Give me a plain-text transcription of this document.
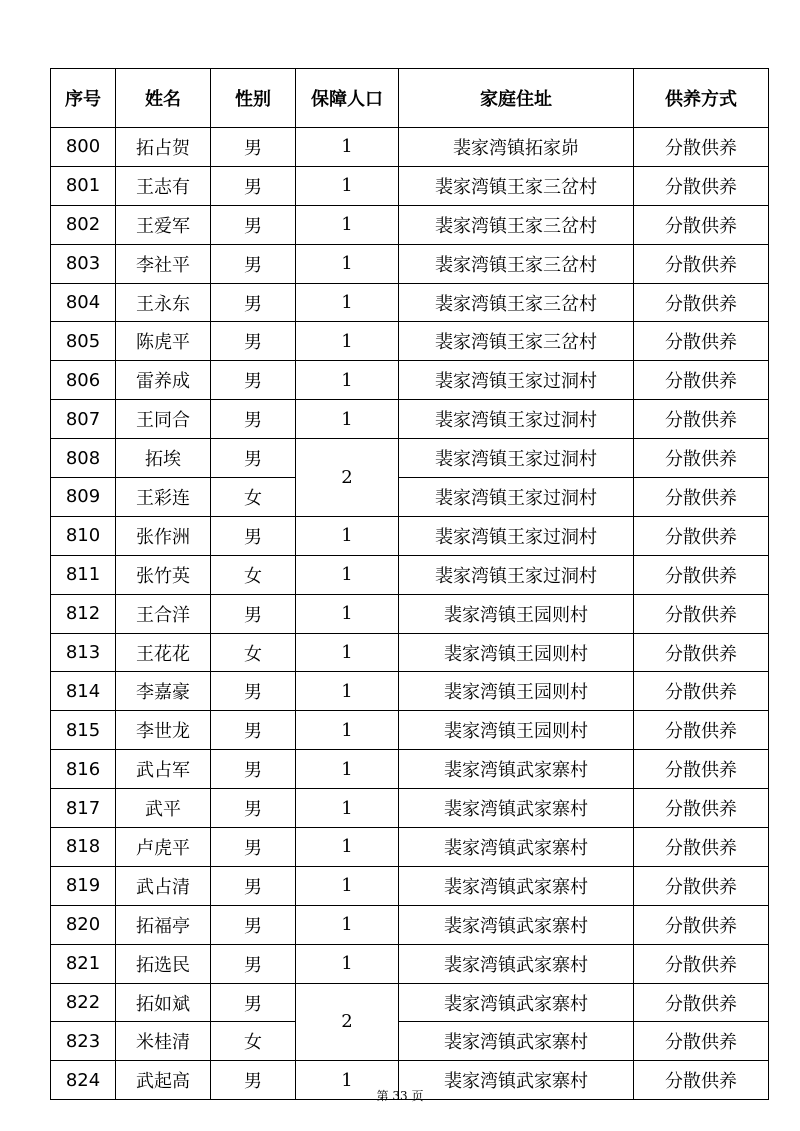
序号	姓名	性别	保障人口	家庭住址	供养方式
800	拓占贺	男	1	裴家湾镇拓家峁	分散供养
801	王志有	男	1	裴家湾镇王家三岔村	分散供养
802	王爱军	男	1	裴家湾镇王家三岔村	分散供养
803	李社平	男	1	裴家湾镇王家三岔村	分散供养
804	王永东	男	1	裴家湾镇王家三岔村	分散供养
805	陈虎平	男	1	裴家湾镇王家三岔村	分散供养
806	雷养成	男	1	裴家湾镇王家过洞村	分散供养
807	王同合	男	1	裴家湾镇王家过洞村	分散供养
808	拓埃	男	2	裴家湾镇王家过洞村	分散供养
809	王彩连	女		裴家湾镇王家过洞村	分散供养
810	张作洲	男	1	裴家湾镇王家过洞村	分散供养
811	张竹英	女	1	裴家湾镇王家过洞村	分散供养
812	王合洋	男	1	裴家湾镇王园则村	分散供养
813	王花花	女	1	裴家湾镇王园则村	分散供养
814	李嘉豪	男	1	裴家湾镇王园则村	分散供养
815	李世龙	男	1	裴家湾镇王园则村	分散供养
816	武占军	男	1	裴家湾镇武家寨村	分散供养
817	武平	男	1	裴家湾镇武家寨村	分散供养
818	卢虎平	男	1	裴家湾镇武家寨村	分散供养
819	武占清	男	1	裴家湾镇武家寨村	分散供养
820	拓福亭	男	1	裴家湾镇武家寨村	分散供养
821	拓选民	男	1	裴家湾镇武家寨村	分散供养
822	拓如斌	男	2	裴家湾镇武家寨村	分散供养
823	米桂清	女		裴家湾镇武家寨村	分散供养
824	武起高	男	1	裴家湾镇武家寨村	分散供养
第 33 页
